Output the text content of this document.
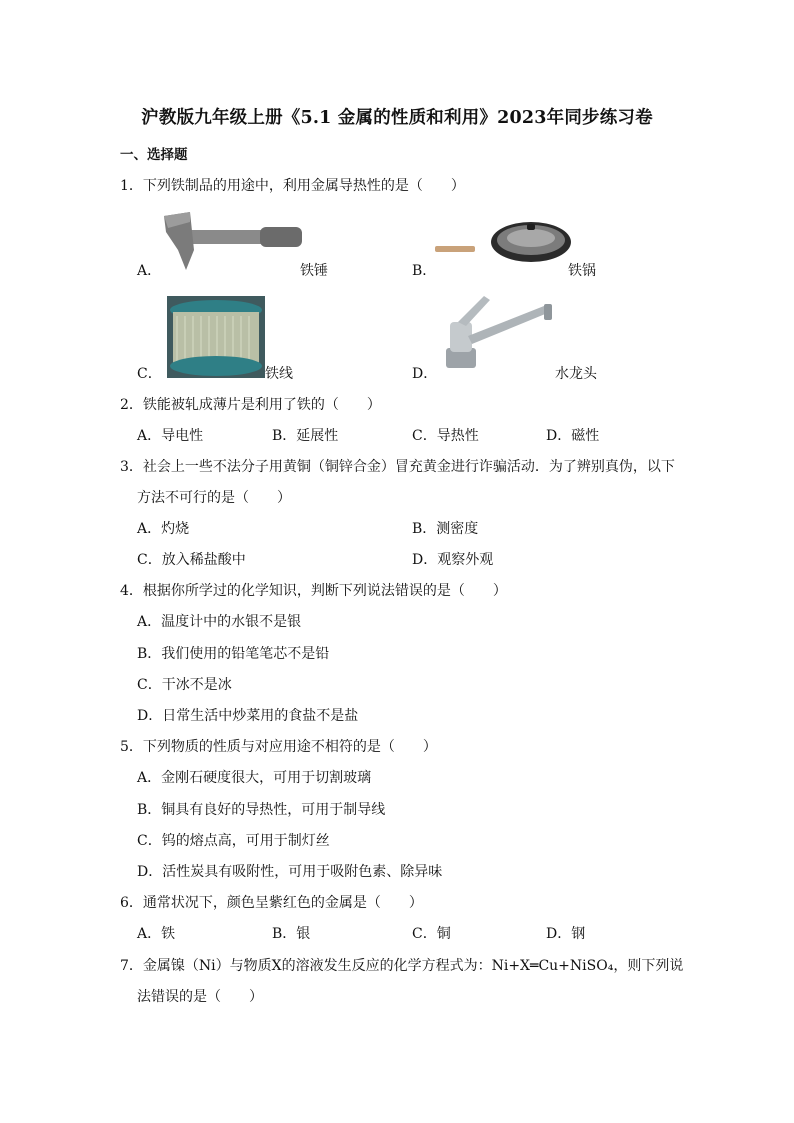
沪教版九年级上册《5.1 金属的性质和利用》2023年同步练习卷
一、选择题
1．下列铁制品的用途中，利用金属导热性的是（　　）
A．	铁锤	B．	铁锅
C．	铁线	D．	水龙头
2．铁能被轧成薄片是利用了铁的（　　）
A．导电性	B．延展性	C．导热性	D．磁性
3．社会上一些不法分子用黄铜（铜锌合金）冒充黄金进行诈骗活动．为了辨别真伪，以下
方法不可行的是（　　）
A．灼烧	B．测密度
C．放入稀盐酸中	D．观察外观
4．根据你所学过的化学知识，判断下列说法错误的是（　　）
A．温度计中的水银不是银
B．我们使用的铅笔笔芯不是铅
C．干冰不是冰
D．日常生活中炒菜用的食盐不是盐
5．下列物质的性质与对应用途不相符的是（　　）
A．金刚石硬度很大，可用于切割玻璃
B．铜具有良好的导热性，可用于制导线
C．钨的熔点高，可用于制灯丝
D．活性炭具有吸附性，可用于吸附色素、除异味
6．通常状况下，颜色呈紫红色的金属是（　　）
A．铁	B．银	C．铜	D．钢
7．金属镍（Ni）与物质X的溶液发生反应的化学方程式为：Ni+X═Cu+NiSO₄，则下列说
法错误的是（　　）
